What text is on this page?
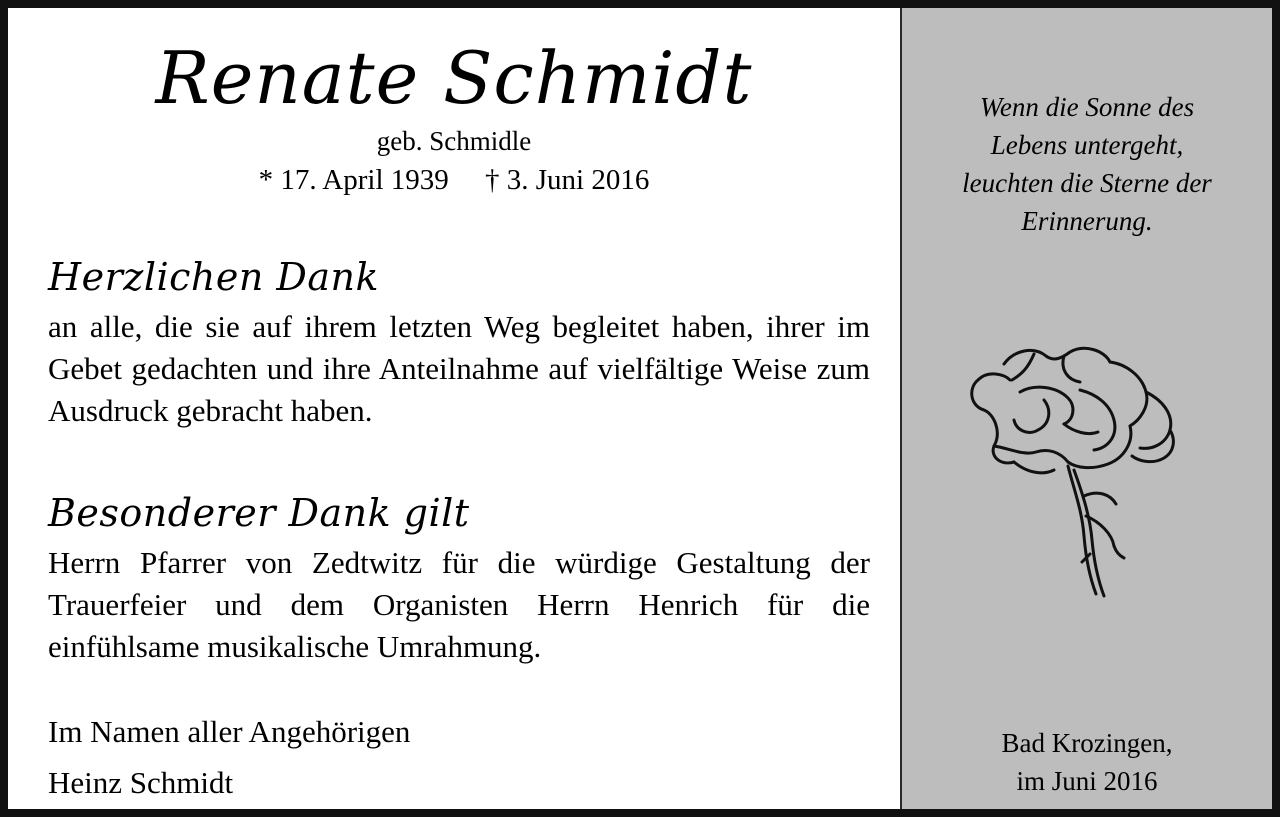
Renate Schmidt
geb. Schmidle
* 17. April 1939 † 3. Juni 2016
Herzlichen Dank
an alle, die sie auf ihrem letzten Weg begleitet haben, ihrer im Gebet gedachten und ihre Anteilnahme auf vielfältige Weise zum Ausdruck gebracht haben.
Besonderer Dank gilt
Herrn Pfarrer von Zedtwitz für die würdige Gestaltung der Trauerfeier und dem Organisten Herrn Henrich für die einfühlsame musikalische Umrahmung.
Im Namen aller Angehörigen
Heinz Schmidt
Wenn die Sonne des
Lebens untergeht,
leuchten die Sterne der
Erinnerung.
Bad Krozingen,
im Juni 2016
